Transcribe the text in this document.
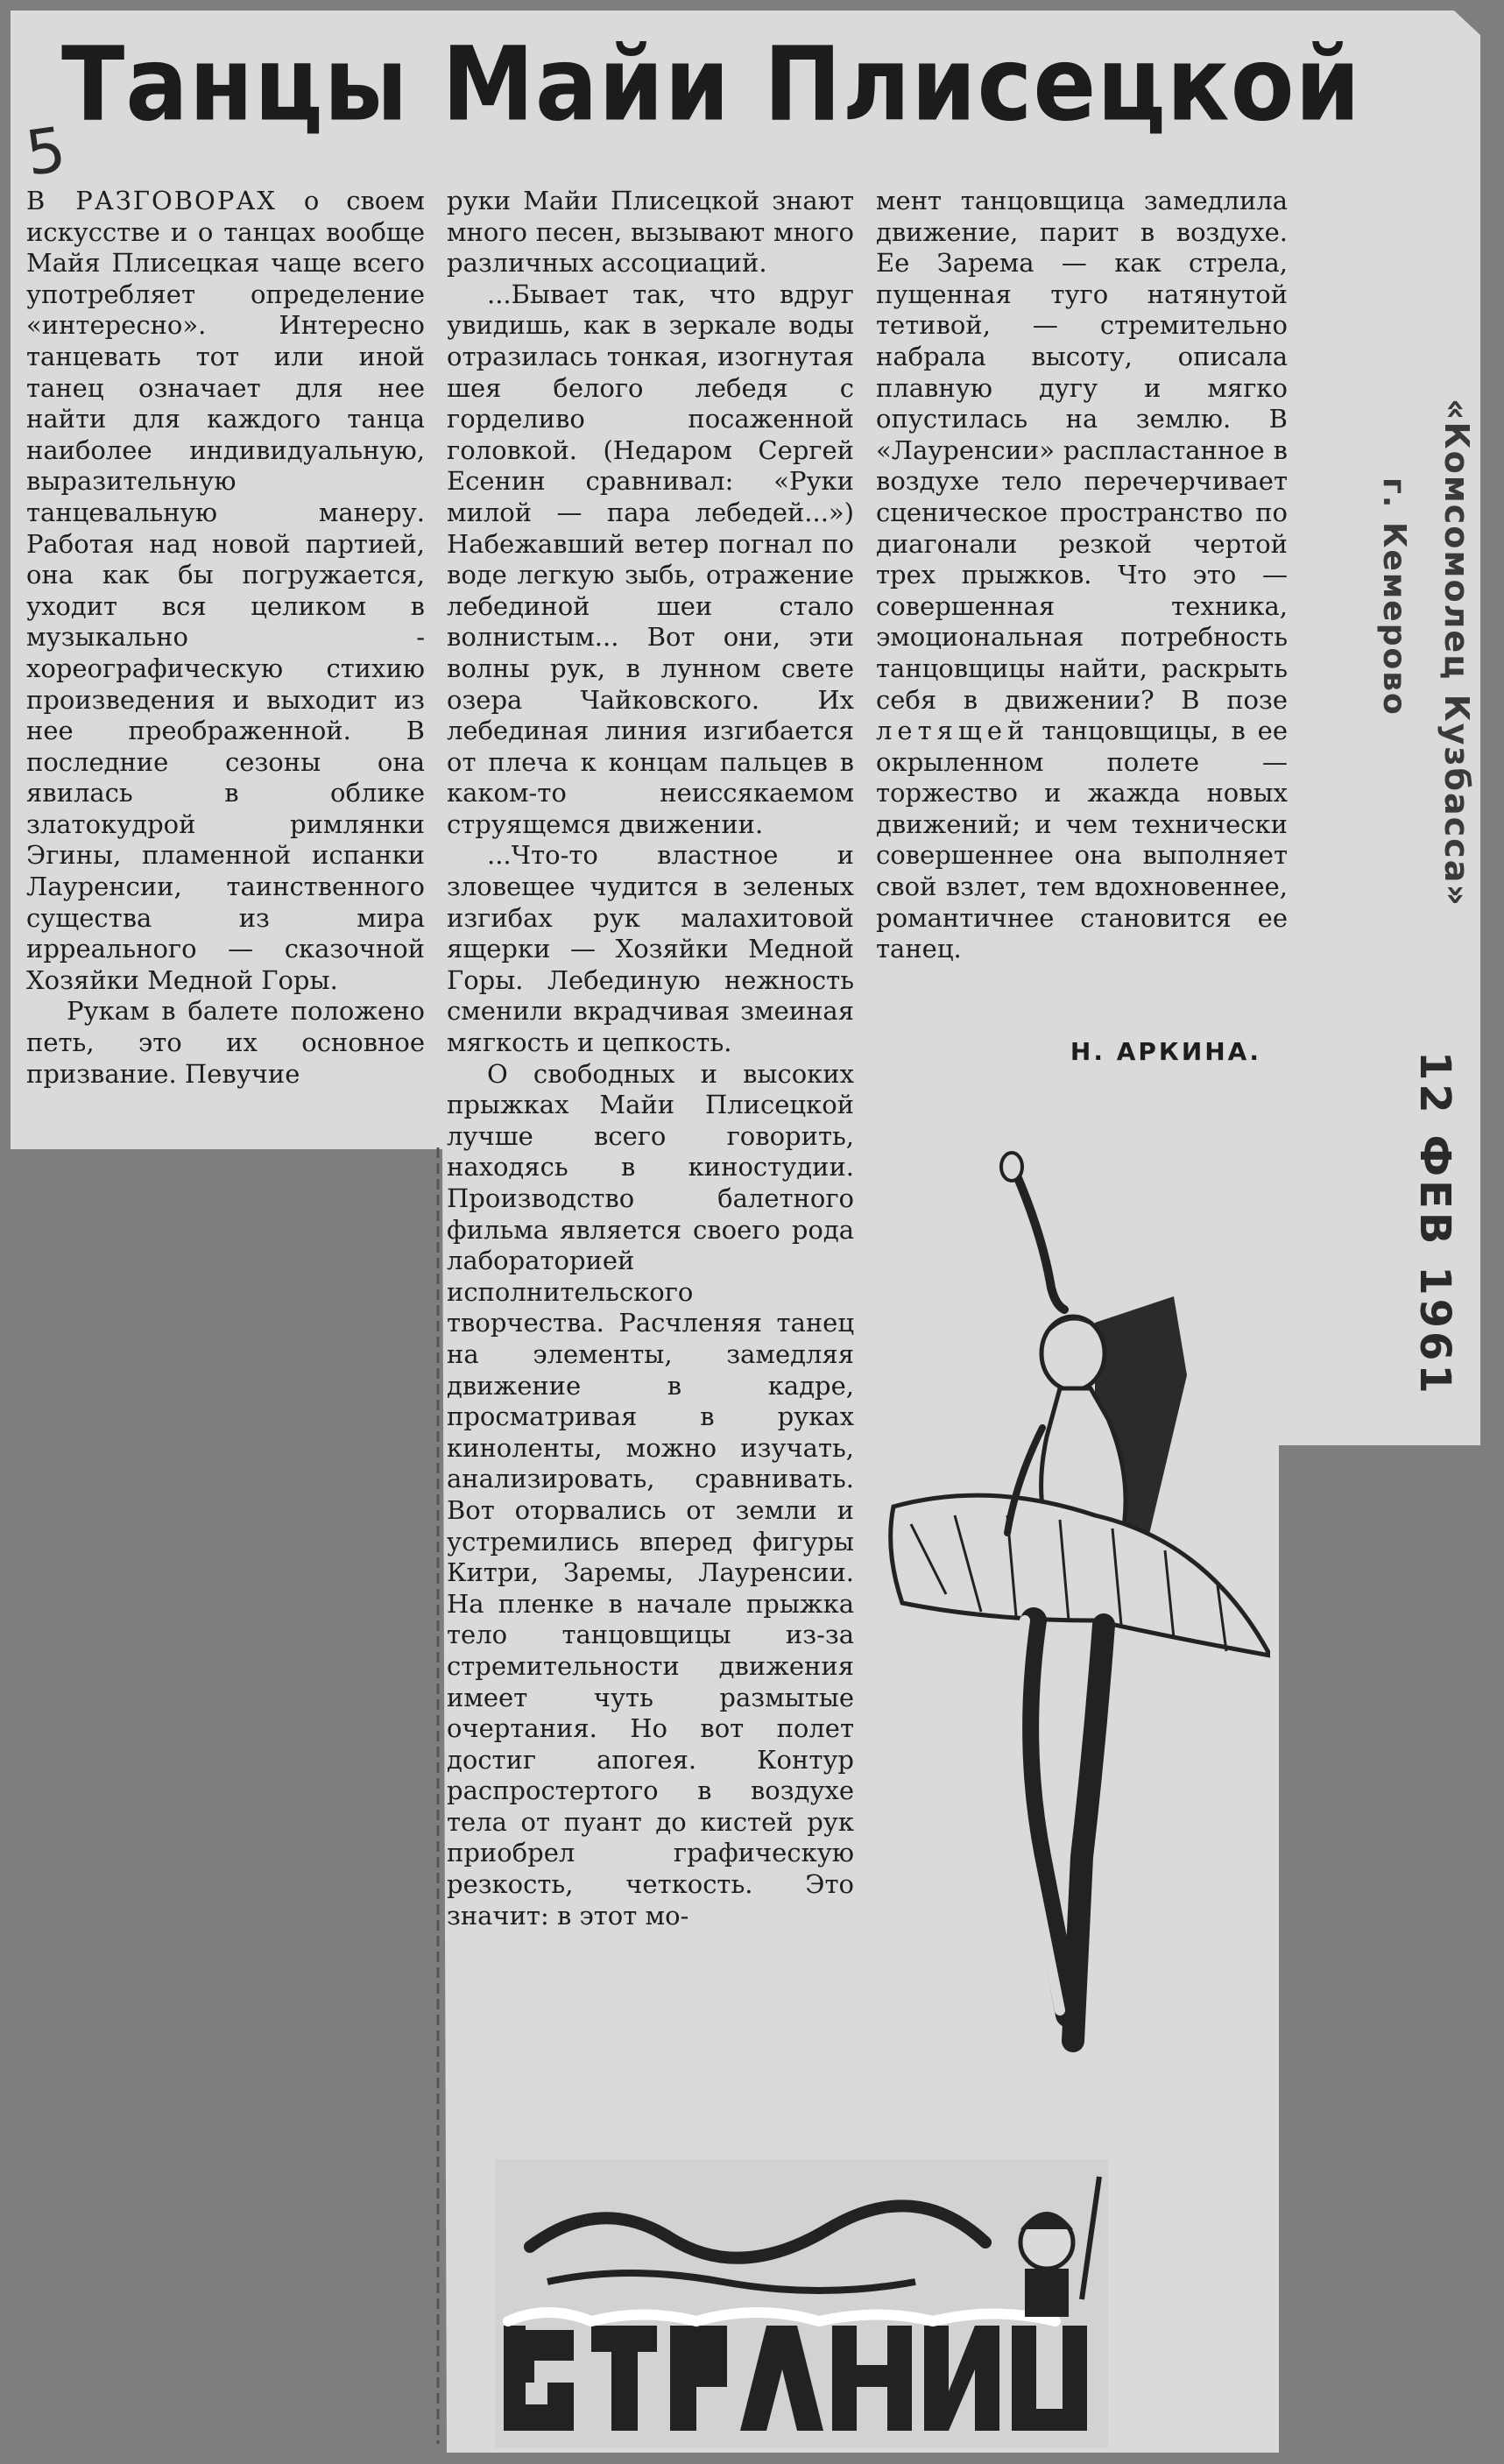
5
Танцы Майи Плисецкой

В РАЗГОВОРАХ о своем искусстве и о танцах вообще Майя Плисецкая чаще всего употребляет определение «интересно». Интересно танцевать тот или иной танец означает для нее найти для каждого танца наиболее индивидуальную, выразительную танцевальную манеру. Работая над новой партией, она как бы погружается, уходит вся целиком в музыкально - хореографическую стихию произведения и выходит из нее преображенной. В последние сезоны она явилась в облике златокудрой римлянки Эгины, пламенной испанки Лауренсии, таинственного существа из мира ирреального — сказочной Хозяйки Медной Горы.

Рукам в балете положено петь, это их основное призвание. Певучие

руки Майи Плисецкой знают много песен, вызывают много различных ассоциаций.

...Бывает так, что вдруг увидишь, как в зеркале воды отразилась тонкая, изогнутая шея белого лебедя с горделиво посаженной головкой. (Недаром Сергей Есенин сравнивал: «Руки милой — пара лебедей...») Набежавший ветер погнал по воде легкую зыбь, отражение лебединой шеи стало волнистым... Вот они, эти волны рук, в лунном свете озера Чайковского. Их лебединая линия изгибается от плеча к концам пальцев в каком-то неиссякаемом струящемся движении.

...Что-то властное и зловещее чудится в зеленых изгибах рук малахитовой ящерки — Хозяйки Медной Горы. Лебединую нежность сменили вкрадчивая змеиная мягкость и цепкость.

О свободных и высоких прыжках Майи Плисецкой лучше всего говорить, находясь в киностудии. Производство балетного фильма является своего рода лабораторией исполнительского творчества. Расчленяя танец на элементы, замедляя движение в кадре, просматривая в руках киноленты, можно изучать, анализировать, сравнивать. Вот оторвались от земли и устремились вперед фигуры Китри, Заремы, Лауренсии. На пленке в начале прыжка тело танцовщицы из-за стремительности движения имеет чуть размытые очертания. Но вот полет достиг апогея. Контур распростертого в воздухе тела от пуант до кистей рук приобрел графическую резкость, четкость. Это значит: в этот мо-

мент танцовщица замедлила движение, парит в воздухе. Ее Зарема — как стрела, пущенная туго натянутой тетивой, — стремительно набрала высоту, описала плавную дугу и мягко опустилась на землю. В «Лауренсии» распластанное в воздухе тело перечерчивает сценическое пространство по диагонали резкой чертой трех прыжков. Что это — совершенная техника, эмоциональная потребность танцовщицы найти, раскрыть себя в движении? В позе летящей танцовщицы, в ее окрыленном полете — торжество и жажда новых движений; и чем технически совершеннее она выполняет свой взлет, тем вдохновеннее, романтичнее становится ее танец.

Н. АРКИНА.
«Комсомолец Кузбасса»
г. Кемерово
12 ФЕВ 1961
